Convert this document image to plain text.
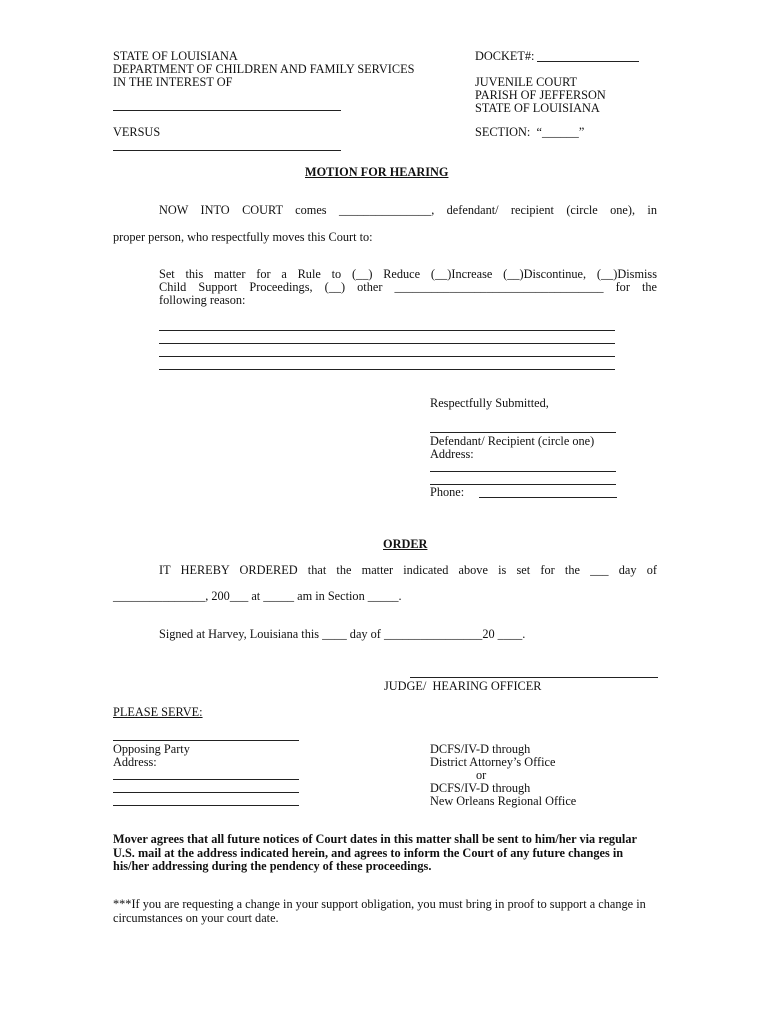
STATE OF LOUISIANA
DEPARTMENT OF CHILDREN AND FAMILY SERVICES
IN THE INTEREST OF
VERSUS
DOCKET#:
JUVENILE COURT
PARISH OF JEFFERSON
STATE OF LOUISIANA
SECTION:  “______”
MOTION FOR HEARING
NOW INTO COURT comes _______________, defendant/ recipient (circle one), in
proper person, who respectfully moves this Court to:
Set this matter for a Rule to (__) Reduce (__)Increase (__)Discontinue, (__)Dismiss
Child Support Proceedings, (__) other __________________________________ for the
following reason:
Respectfully Submitted,
Defendant/ Recipient (circle one)
Address:
Phone:
ORDER
IT HEREBY ORDERED that the matter indicated above is set for the ___ day of
_______________, 200___ at _____ am in Section _____.
Signed at Harvey, Louisiana this ____ day of ________________20 ____.
JUDGE/  HEARING OFFICER
PLEASE SERVE:
Opposing Party
Address:
DCFS/IV-D through
District Attorney’s Office
or
DCFS/IV-D through
New Orleans Regional Office
Mover agrees that all future notices of Court dates in this matter shall be sent to him/her via regular U.S. mail at the address indicated herein, and agrees to inform the Court of any future changes in his/her addressing during the pendency of these proceedings.
***If you are requesting a change in your support obligation, you must bring in proof to support a change in circumstances on your court date.
